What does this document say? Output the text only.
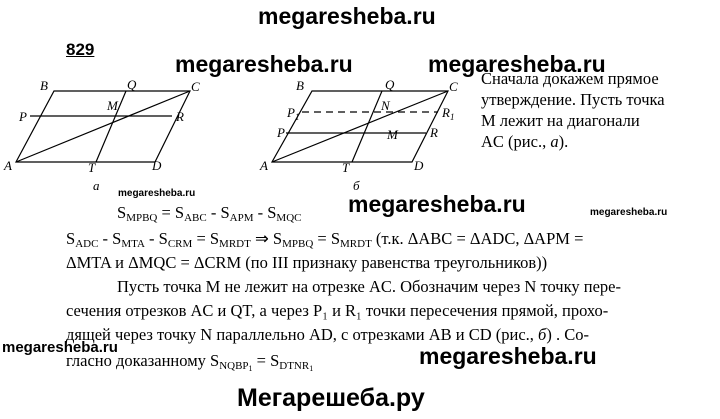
megaresheba.ru
megaresheba.ru	megaresheba.ru
megaresheba.ru	megaresheba.ru	megaresheba.ru
megaresheba.ru	megaresheba.ru
Мегарешеба.ру
829
B	Q	C
P
M
R
A	T	D
а
B	Q	C
$P_1$
N	$R_1$
M
P	R
A	T	D
б
Сначала докажем прямое
утверждение. Пусть точка
M лежит на диагонали
AC (рис., а).
$S_{MPBQ} = S_{ABC} - S_{APM} - S_{MQC}$
$S_{ADC} - S_{MTA} - S_{CRM} = S_{MRDT}$ ⇒ $S_{MPBQ} = S_{MRDT}$ (т.к. ΔABC = ΔADC, ΔAPM =
ΔMTA и ΔMQC = ΔCRM (по III признаку равенства треугольников))
Пусть точка M не лежит на отрезке AC. Обозначим через N точку пере-
сечения отрезков AC и QT, а через P₁ и R₁ точки пересечения прямой, прохо-
дящей через точку N параллельно AD, с отрезками AB и CD (рис., б) . Со-
гласно доказанному $S_{NQBP_1} = S_{DTNR_1}$
